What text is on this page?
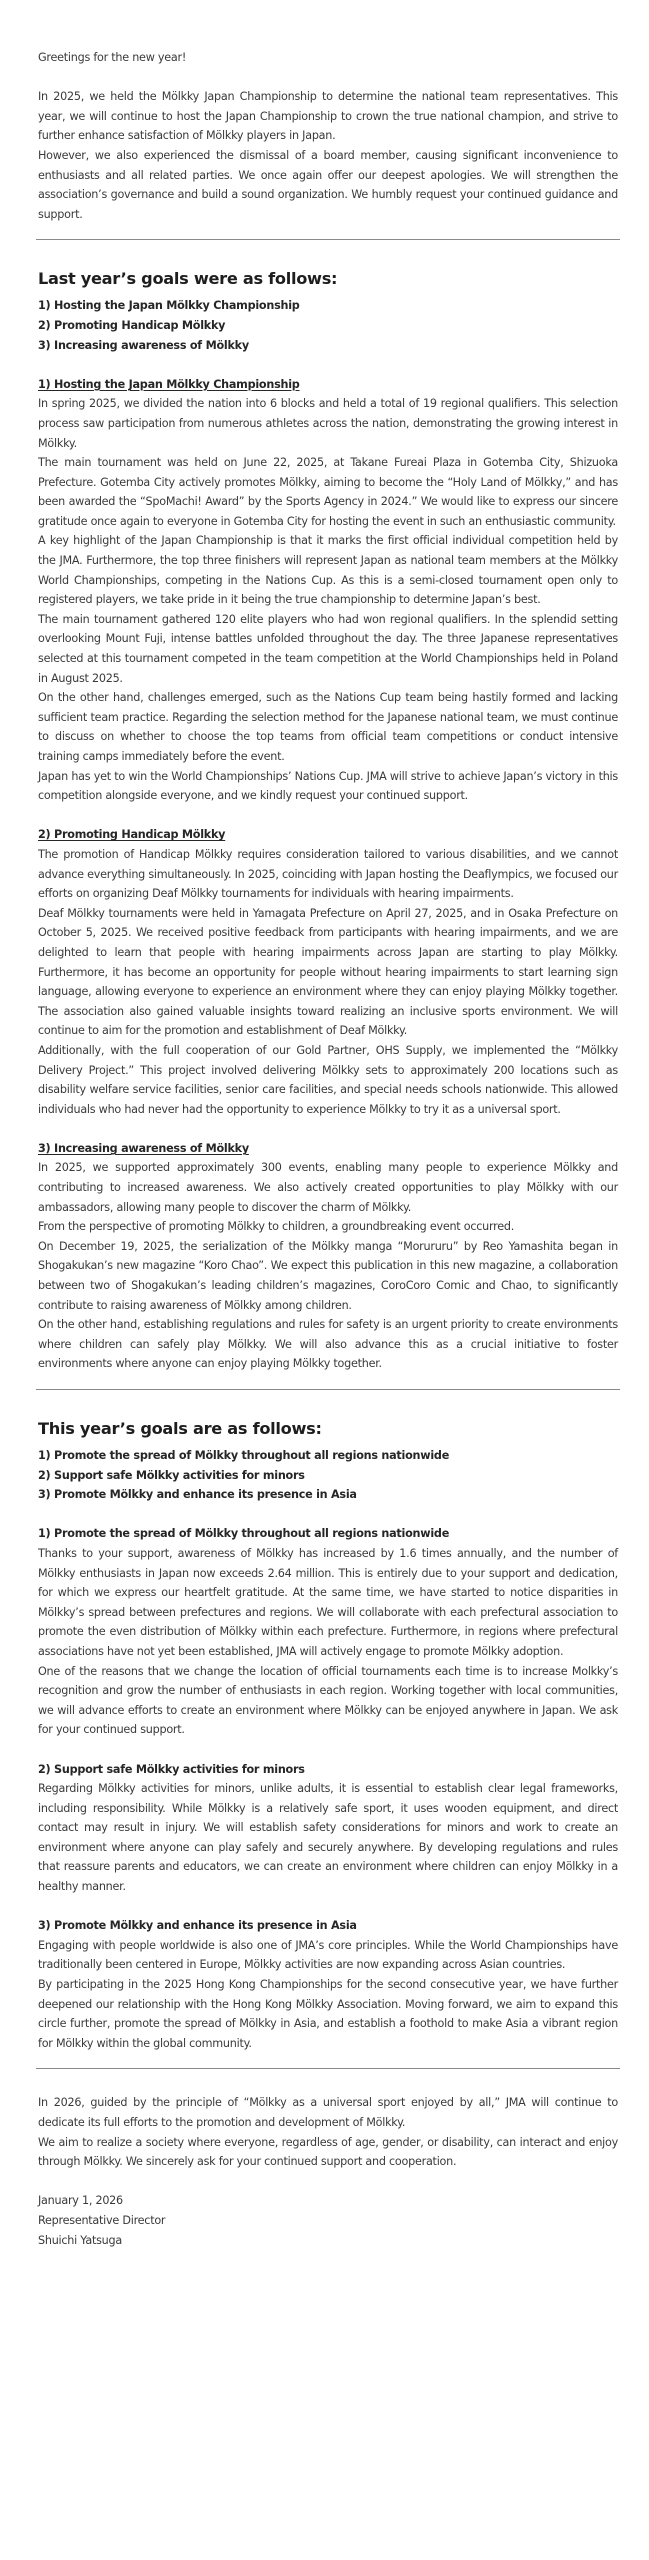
Greetings for the new year!

In 2025, we held the Mölkky Japan Championship to determine the national team representatives. This year, we will continue to host the Japan Championship to crown the true national champion, and strive to further enhance satisfaction of Mölkky players in Japan.

However, we also experienced the dismissal of a board member, causing significant inconvenience to enthusiasts and all related parties. We once again offer our deepest apologies. We will strengthen the association’s governance and build a sound organization. We humbly request your continued guidance and support.

Last year’s goals were as follows:
1) Hosting the Japan Mölkky Championship
2) Promoting Handicap Mölkky
3) Increasing awareness of Mölkky

1) Hosting the Japan Mölkky Championship

In spring 2025, we divided the nation into 6 blocks and held a total of 19 regional qualifiers. This selection process saw participation from numerous athletes across the nation, demonstrating the growing interest in Mölkky.

The main tournament was held on June 22, 2025, at Takane Fureai Plaza in Gotemba City, Shizuoka Prefecture. Gotemba City actively promotes Mölkky, aiming to become the “Holy Land of Mölkky,” and has been awarded the “SpoMachi! Award” by the Sports Agency in 2024.” We would like to express our sincere gratitude once again to everyone in Gotemba City for hosting the event in such an enthusiastic community.

A key highlight of the Japan Championship is that it marks the first official individual competition held by the JMA. Furthermore, the top three finishers will represent Japan as national team members at the Mölkky World Championships, competing in the Nations Cup. As this is a semi-closed tournament open only to registered players, we take pride in it being the true championship to determine Japan’s best.

The main tournament gathered 120 elite players who had won regional qualifiers. In the splendid setting overlooking Mount Fuji, intense battles unfolded throughout the day. The three Japanese representatives selected at this tournament competed in the team competition at the World Championships held in Poland in August 2025.

On the other hand, challenges emerged, such as the Nations Cup team being hastily formed and lacking sufficient team practice. Regarding the selection method for the Japanese national team, we must continue to discuss on whether to choose the top teams from official team competitions or conduct intensive training camps immediately before the event.

Japan has yet to win the World Championships’ Nations Cup. JMA will strive to achieve Japan’s victory in this competition alongside everyone, and we kindly request your continued support.

2) Promoting Handicap Mölkky

The promotion of Handicap Mölkky requires consideration tailored to various disabilities, and we cannot advance everything simultaneously. In 2025, coinciding with Japan hosting the Deaflympics, we focused our efforts on organizing Deaf Mölkky tournaments for individuals with hearing impairments.

Deaf Mölkky tournaments were held in Yamagata Prefecture on April 27, 2025, and in Osaka Prefecture on October 5, 2025. We received positive feedback from participants with hearing impairments, and we are delighted to learn that people with hearing impairments across Japan are starting to play Mölkky. Furthermore, it has become an opportunity for people without hearing impairments to start learning sign language, allowing everyone to experience an environment where they can enjoy playing Mölkky together. The association also gained valuable insights toward realizing an inclusive sports environment. We will continue to aim for the promotion and establishment of Deaf Mölkky.

Additionally, with the full cooperation of our Gold Partner, OHS Supply, we implemented the “Mölkky Delivery Project.” This project involved delivering Mölkky sets to approximately 200 locations such as disability welfare service facilities, senior care facilities, and special needs schools nationwide. This allowed individuals who had never had the opportunity to experience Mölkky to try it as a universal sport.

3) Increasing awareness of Mölkky

In 2025, we supported approximately 300 events, enabling many people to experience Mölkky and contributing to increased awareness. We also actively created opportunities to play Mölkky with our ambassadors, allowing many people to discover the charm of Mölkky.

From the perspective of promoting Mölkky to children, a groundbreaking event occurred.

On December 19, 2025, the serialization of the Mölkky manga “Morururu” by Reo Yamashita began in Shogakukan’s new magazine “Koro Chao”. We expect this publication in this new magazine, a collaboration between two of Shogakukan’s leading children’s magazines, CoroCoro Comic and Chao, to significantly contribute to raising awareness of Mölkky among children.

On the other hand, establishing regulations and rules for safety is an urgent priority to create environments where children can safely play Mölkky. We will also advance this as a crucial initiative to foster environments where anyone can enjoy playing Mölkky together.

This year’s goals are as follows:
1) Promote the spread of Mölkky throughout all regions nationwide
2) Support safe Mölkky activities for minors
3) Promote Mölkky and enhance its presence in Asia

1) Promote the spread of Mölkky throughout all regions nationwide

Thanks to your support, awareness of Mölkky has increased by 1.6 times annually, and the number of Mölkky enthusiasts in Japan now exceeds 2.64 million. This is entirely due to your support and dedication, for which we express our heartfelt gratitude. At the same time, we have started to notice disparities in Mölkky’s spread between prefectures and regions. We will collaborate with each prefectural association to promote the even distribution of Mölkky within each prefecture. Furthermore, in regions where prefectural associations have not yet been established, JMA will actively engage to promote Mölkky adoption.

One of the reasons that we change the location of official tournaments each time is to increase Molkky’s recognition and grow the number of enthusiasts in each region. Working together with local communities, we will advance efforts to create an environment where Mölkky can be enjoyed anywhere in Japan. We ask for your continued support.

2) Support safe Mölkky activities for minors

Regarding Mölkky activities for minors, unlike adults, it is essential to establish clear legal frameworks, including responsibility. While Mölkky is a relatively safe sport, it uses wooden equipment, and direct contact may result in injury. We will establish safety considerations for minors and work to create an environment where anyone can play safely and securely anywhere. By developing regulations and rules that reassure parents and educators, we can create an environment where children can enjoy Mölkky in a healthy manner.

3) Promote Mölkky and enhance its presence in Asia

Engaging with people worldwide is also one of JMA’s core principles. While the World Championships have traditionally been centered in Europe, Mölkky activities are now expanding across Asian countries.

By participating in the 2025 Hong Kong Championships for the second consecutive year, we have further deepened our relationship with the Hong Kong Mölkky Association. Moving forward, we aim to expand this circle further, promote the spread of Mölkky in Asia, and establish a foothold to make Asia a vibrant region for Mölkky within the global community.

In 2026, guided by the principle of “Mölkky as a universal sport enjoyed by all,” JMA will continue to dedicate its full efforts to the promotion and development of Mölkky.

We aim to realize a society where everyone, regardless of age, gender, or disability, can interact and enjoy through Mölkky. We sincerely ask for your continued support and cooperation.

January 1, 2026
Representative Director
Shuichi Yatsuga
